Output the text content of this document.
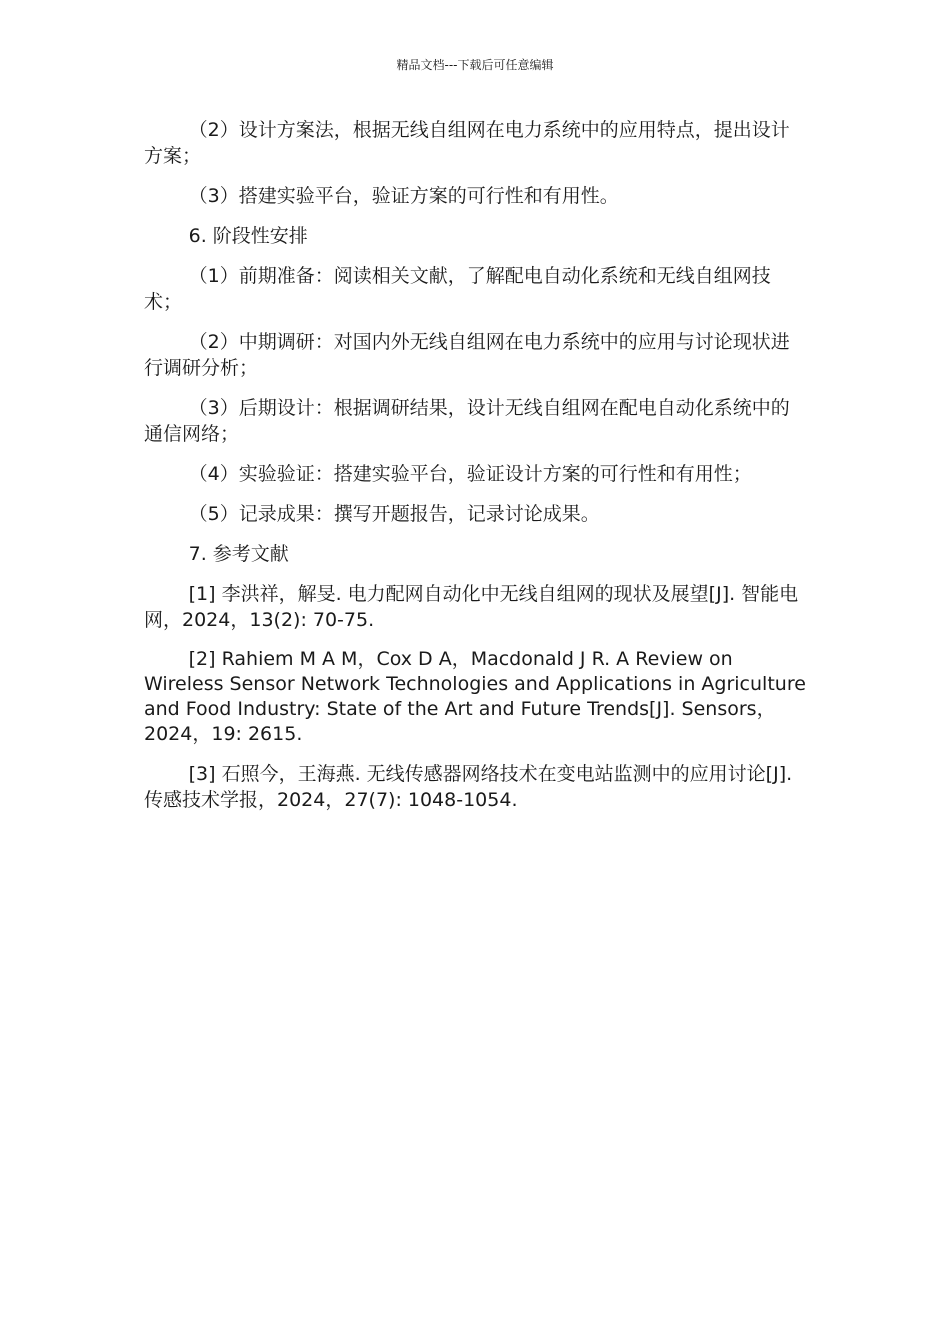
精品文档---下载后可任意编辑

（2）设计方案法，根据无线自组网在电力系统中的应用特点，提出设计方案；

（3）搭建实验平台，验证方案的可行性和有用性。

6. 阶段性安排

（1）前期准备：阅读相关文献，了解配电自动化系统和无线自组网技术；

（2）中期调研：对国内外无线自组网在电力系统中的应用与讨论现状进行调研分析；

（3）后期设计：根据调研结果，设计无线自组网在配电自动化系统中的通信网络；

（4）实验验证：搭建实验平台，验证设计方案的可行性和有用性；

（5）记录成果：撰写开题报告，记录讨论成果。

7. 参考文献

[1] 李洪祥，解旻. 电力配网自动化中无线自组网的现状及展望[J]. 智能电网，2024，13(2): 70-75.

[2] Rahiem M A M，Cox D A，Macdonald J R. A Review on Wireless Sensor Network Technologies and Applications in Agriculture and Food Industry: State of the Art and Future Trends[J]. Sensors，2024，19: 2615.

[3] 石照今，王海燕. 无线传感器网络技术在变电站监测中的应用讨论[J]. 传感技术学报，2024，27(7): 1048-1054.
